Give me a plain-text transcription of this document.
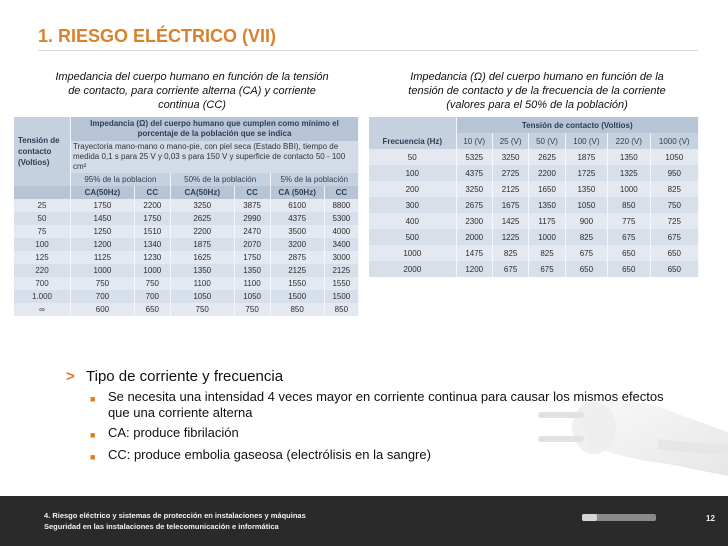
1. RIESGO ELÉCTRICO (VII)
Impedancia del cuerpo humano en función de la tensión de contacto, para corriente alterna (CA) y corriente continua (CC)
Impedancia (Ω) del cuerpo humano en función de la tensión de contacto y de la frecuencia de la corriente (valores para el 50% de la población)
Tensión de contacto (Voltios)	Impedancia (Ω) del cuerpo humano que cumplen como mínimo el porcentaje de la población que se indica					
	Trayectoria mano-mano o mano-pie, con piel seca (Estado BBI), tiempo de medida 0,1 s para 25 V y 0,03 s para 150 V y superficie de contacto 50 - 100 cm²					
	95% de la poblacion		50% de la población		5% de la población	
	CA(50Hz)	CC	CA(50Hz)	CC	CA (50Hz)	CC
25	1750	2200	3250	3875	6100	8800
50	1450	1750	2625	2990	4375	5300
75	1250	1510	2200	2470	3500	4000
100	1200	1340	1875	2070	3200	3400
125	1125	1230	1625	1750	2875	3000
220	1000	1000	1350	1350	2125	2125
700	750	750	1100	1100	1550	1550
1.000	700	700	1050	1050	1500	1500
∞	600	650	750	750	850	850
	Tensión de contacto (Voltios)					
Frecuencia (Hz)	10 (V)	25 (V)	50 (V)	100 (V)	220 (V)	1000 (V)
50	5325	3250	2625	1875	1350	1050
100	4375	2725	2200	1725	1325	950
200	3250	2125	1650	1350	1000	825
300	2675	1675	1350	1050	850	750
400	2300	1425	1175	900	775	725
500	2000	1225	1000	825	675	675
1000	1475	825	825	675	650	650
2000	1200	675	675	650	650	650
> Tipo de corriente y frecuencia
■ Se necesita una intensidad 4 veces mayor en corriente continua para causar los mismos efectos que una corriente alterna
■ CA: produce fibrilación
■ CC: produce embolia gaseosa (electrólisis en la sangre)
4. Riesgo eléctrico y sistemas de protección en instalaciones y máquinas
Seguridad en las instalaciones de telecomunicación e informática
12
